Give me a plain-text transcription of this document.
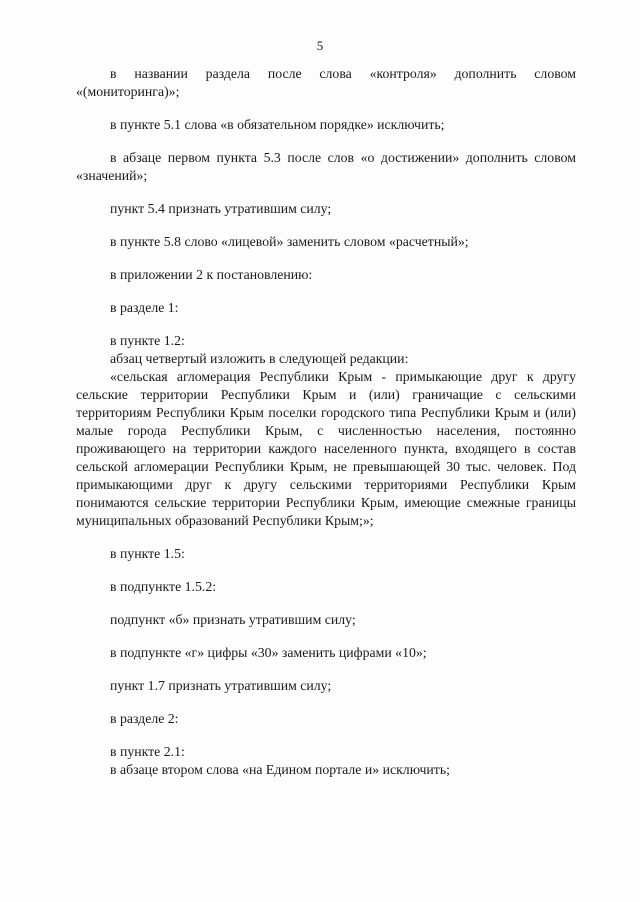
5

в названии раздела после слова «контроля» дополнить словом «(мониторинга)»;

в пункте 5.1 слова «в обязательном порядке» исключить;

в абзаце первом пункта 5.3 после слов «о достижении» дополнить словом «значений»;

пункт 5.4 признать утратившим силу;

в пункте 5.8 слово «лицевой» заменить словом «расчетный»;

в приложении 2 к постановлению:

в разделе 1:

в пункте 1.2:

абзац четвертый изложить в следующей редакции:

«сельская агломерация Республики Крым - примыкающие друг к другу сельские территории Республики Крым и (или) граничащие с сельскими территориям Республики Крым поселки городского типа Республики Крым и (или) малые города Республики Крым, с численностью населения, постоянно проживающего на территории каждого населенного пункта, входящего в состав сельской агломерации Республики Крым, не превышающей 30 тыс. человек. Под примыкающими друг к другу сельскими территориями Республики Крым понимаются сельские территории Республики Крым, имеющие смежные границы муниципальных образований Республики Крым;»;

в пункте 1.5:

в подпункте 1.5.2:

подпункт «б» признать утратившим силу;

в подпункте «г» цифры «30» заменить цифрами «10»;

пункт 1.7 признать утратившим силу;

в разделе 2:

в пункте 2.1:

в абзаце втором слова «на Едином портале и» исключить;
